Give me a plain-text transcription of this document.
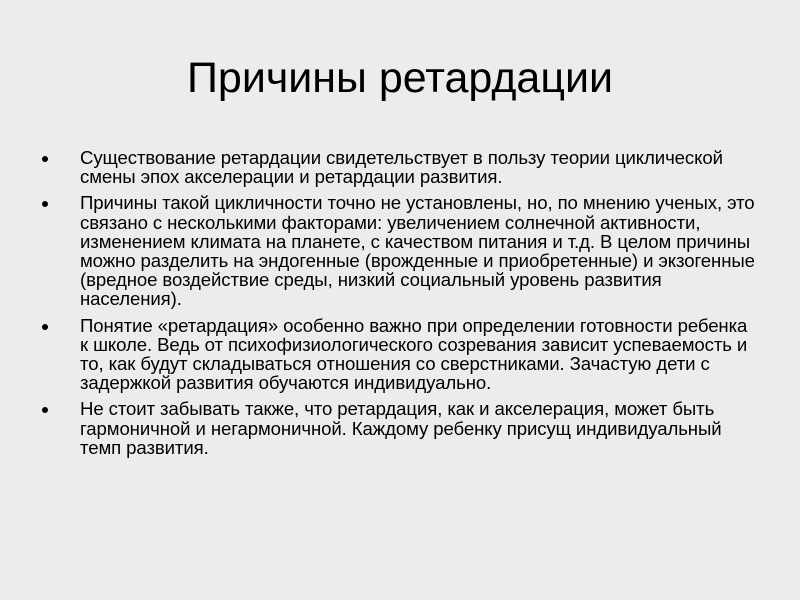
Причины ретардации
Существование ретардации свидетельствует в пользу теории циклической смены эпох акселерации и ретардации развития.
Причины такой цикличности точно не установлены, но, по мнению ученых, это связано с несколькими факторами: увеличением солнечной активности, изменением климата на планете, с качеством питания и т.д. В целом причины можно разделить на эндогенные (врожденные и приобретенные) и экзогенные (вредное воздействие среды, низкий социальный уровень развития населения).
Понятие «ретардация» особенно важно при определении готовности ребенка к школе. Ведь от психофизиологического созревания зависит успеваемость и то, как будут складываться отношения со сверстниками. Зачастую дети с задержкой развития обучаются индивидуально.
Не стоит забывать также, что ретардация, как и акселерация, может быть гармоничной и негармоничной. Каждому ребенку присущ индивидуальный темп развития.
